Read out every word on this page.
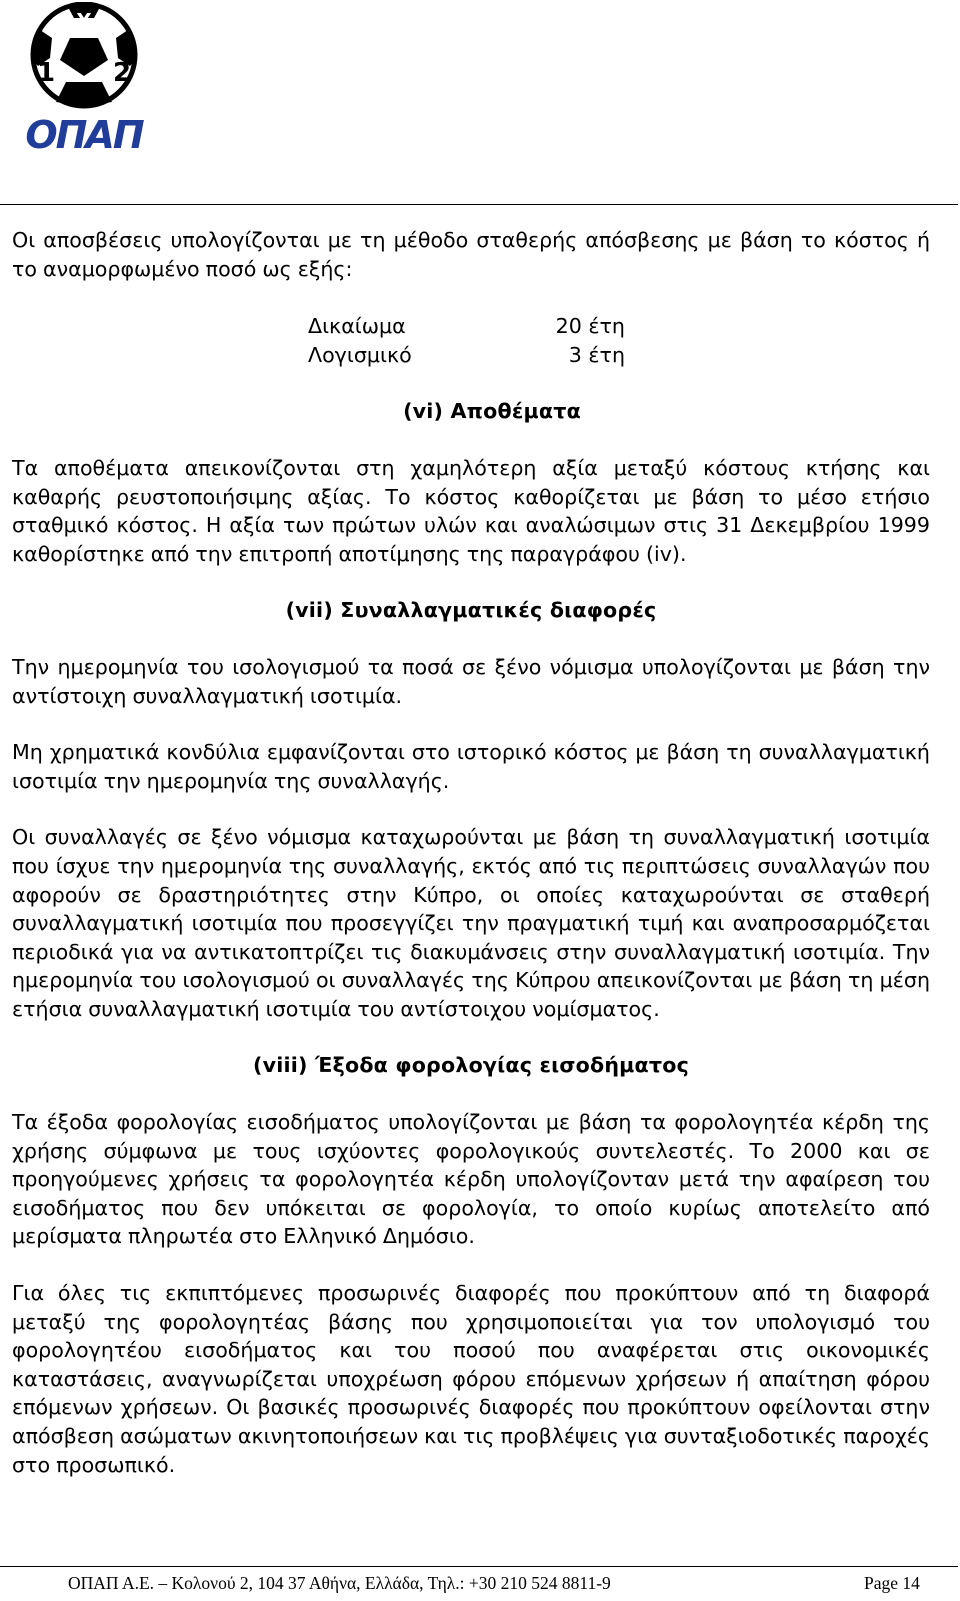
X
1 2
ΟΠΑΠ

Οι αποσβέσεις υπολογίζονται με τη μέθοδο σταθερής απόσβεσης με βάση το κόστος ή το αναμορφωμένο ποσό ως εξής:

Δικαίωμα	20 έτη
Λογισμικό	3 έτη
(vi) Αποθέματα

Τα αποθέματα απεικονίζονται στη χαμηλότερη αξία μεταξύ κόστους κτήσης και καθαρής ρευστοποιήσιμης αξίας. Το κόστος καθορίζεται με βάση το μέσο ετήσιο σταθμικό κόστος. Η αξία των πρώτων υλών και αναλώσιμων στις 31 Δεκεμβρίου 1999 καθορίστηκε από την επιτροπή αποτίμησης της παραγράφου (iv).

(vii) Συναλλαγματικές διαφορές

Την ημερομηνία του ισολογισμού τα ποσά σε ξένο νόμισμα υπολογίζονται με βάση την αντίστοιχη συναλλαγματική ισοτιμία.

Μη χρηματικά κονδύλια εμφανίζονται στο ιστορικό κόστος με βάση τη συναλλαγματική ισοτιμία την ημερομηνία της συναλλαγής.

Οι συναλλαγές σε ξένο νόμισμα καταχωρούνται με βάση τη συναλλαγματική ισοτιμία που ίσχυε την ημερομηνία της συναλλαγής, εκτός από τις περιπτώσεις συναλλαγών που αφορούν σε δραστηριότητες στην Κύπρο, οι οποίες καταχωρούνται σε σταθερή συναλλαγματική ισοτιμία που προσεγγίζει την πραγματική τιμή και αναπροσαρμόζεται περιοδικά για να αντικατοπτρίζει τις διακυμάνσεις στην συναλλαγματική ισοτιμία. Την ημερομηνία του ισολογισμού οι συναλλαγές της Κύπρου απεικονίζονται με βάση τη μέση ετήσια συναλλαγματική ισοτιμία του αντίστοιχου νομίσματος.

(viii) Έξοδα φορολογίας εισοδήματος

Τα έξοδα φορολογίας εισοδήματος υπολογίζονται με βάση τα φορολογητέα κέρδη της χρήσης σύμφωνα με τους ισχύοντες φορολογικούς συντελεστές. Το 2000 και σε προηγούμενες χρήσεις τα φορολογητέα κέρδη υπολογίζονταν μετά την αφαίρεση του εισοδήματος που δεν υπόκειται σε φορολογία, το οποίο κυρίως αποτελείτο από μερίσματα πληρωτέα στο Ελληνικό Δημόσιο.

Για όλες τις εκπιπτόμενες προσωρινές διαφορές που προκύπτουν από τη διαφορά μεταξύ της φορολογητέας βάσης που χρησιμοποιείται για τον υπολογισμό του φορολογητέου εισοδήματος και του ποσού που αναφέρεται στις οικονομικές καταστάσεις, αναγνωρίζεται υποχρέωση φόρου επόμενων χρήσεων ή απαίτηση φόρου επόμενων χρήσεων. Οι βασικές προσωρινές διαφορές που προκύπτουν οφείλονται στην απόσβεση ασώματων ακινητοποιήσεων και τις προβλέψεις για συνταξιοδοτικές παροχές στο προσωπικό.

ΟΠΑΠ Α.Ε. – Κολονού 2, 104 37 Αθήνα, Ελλάδα, Τηλ.: +30 210 524 8811-9	Page 14
